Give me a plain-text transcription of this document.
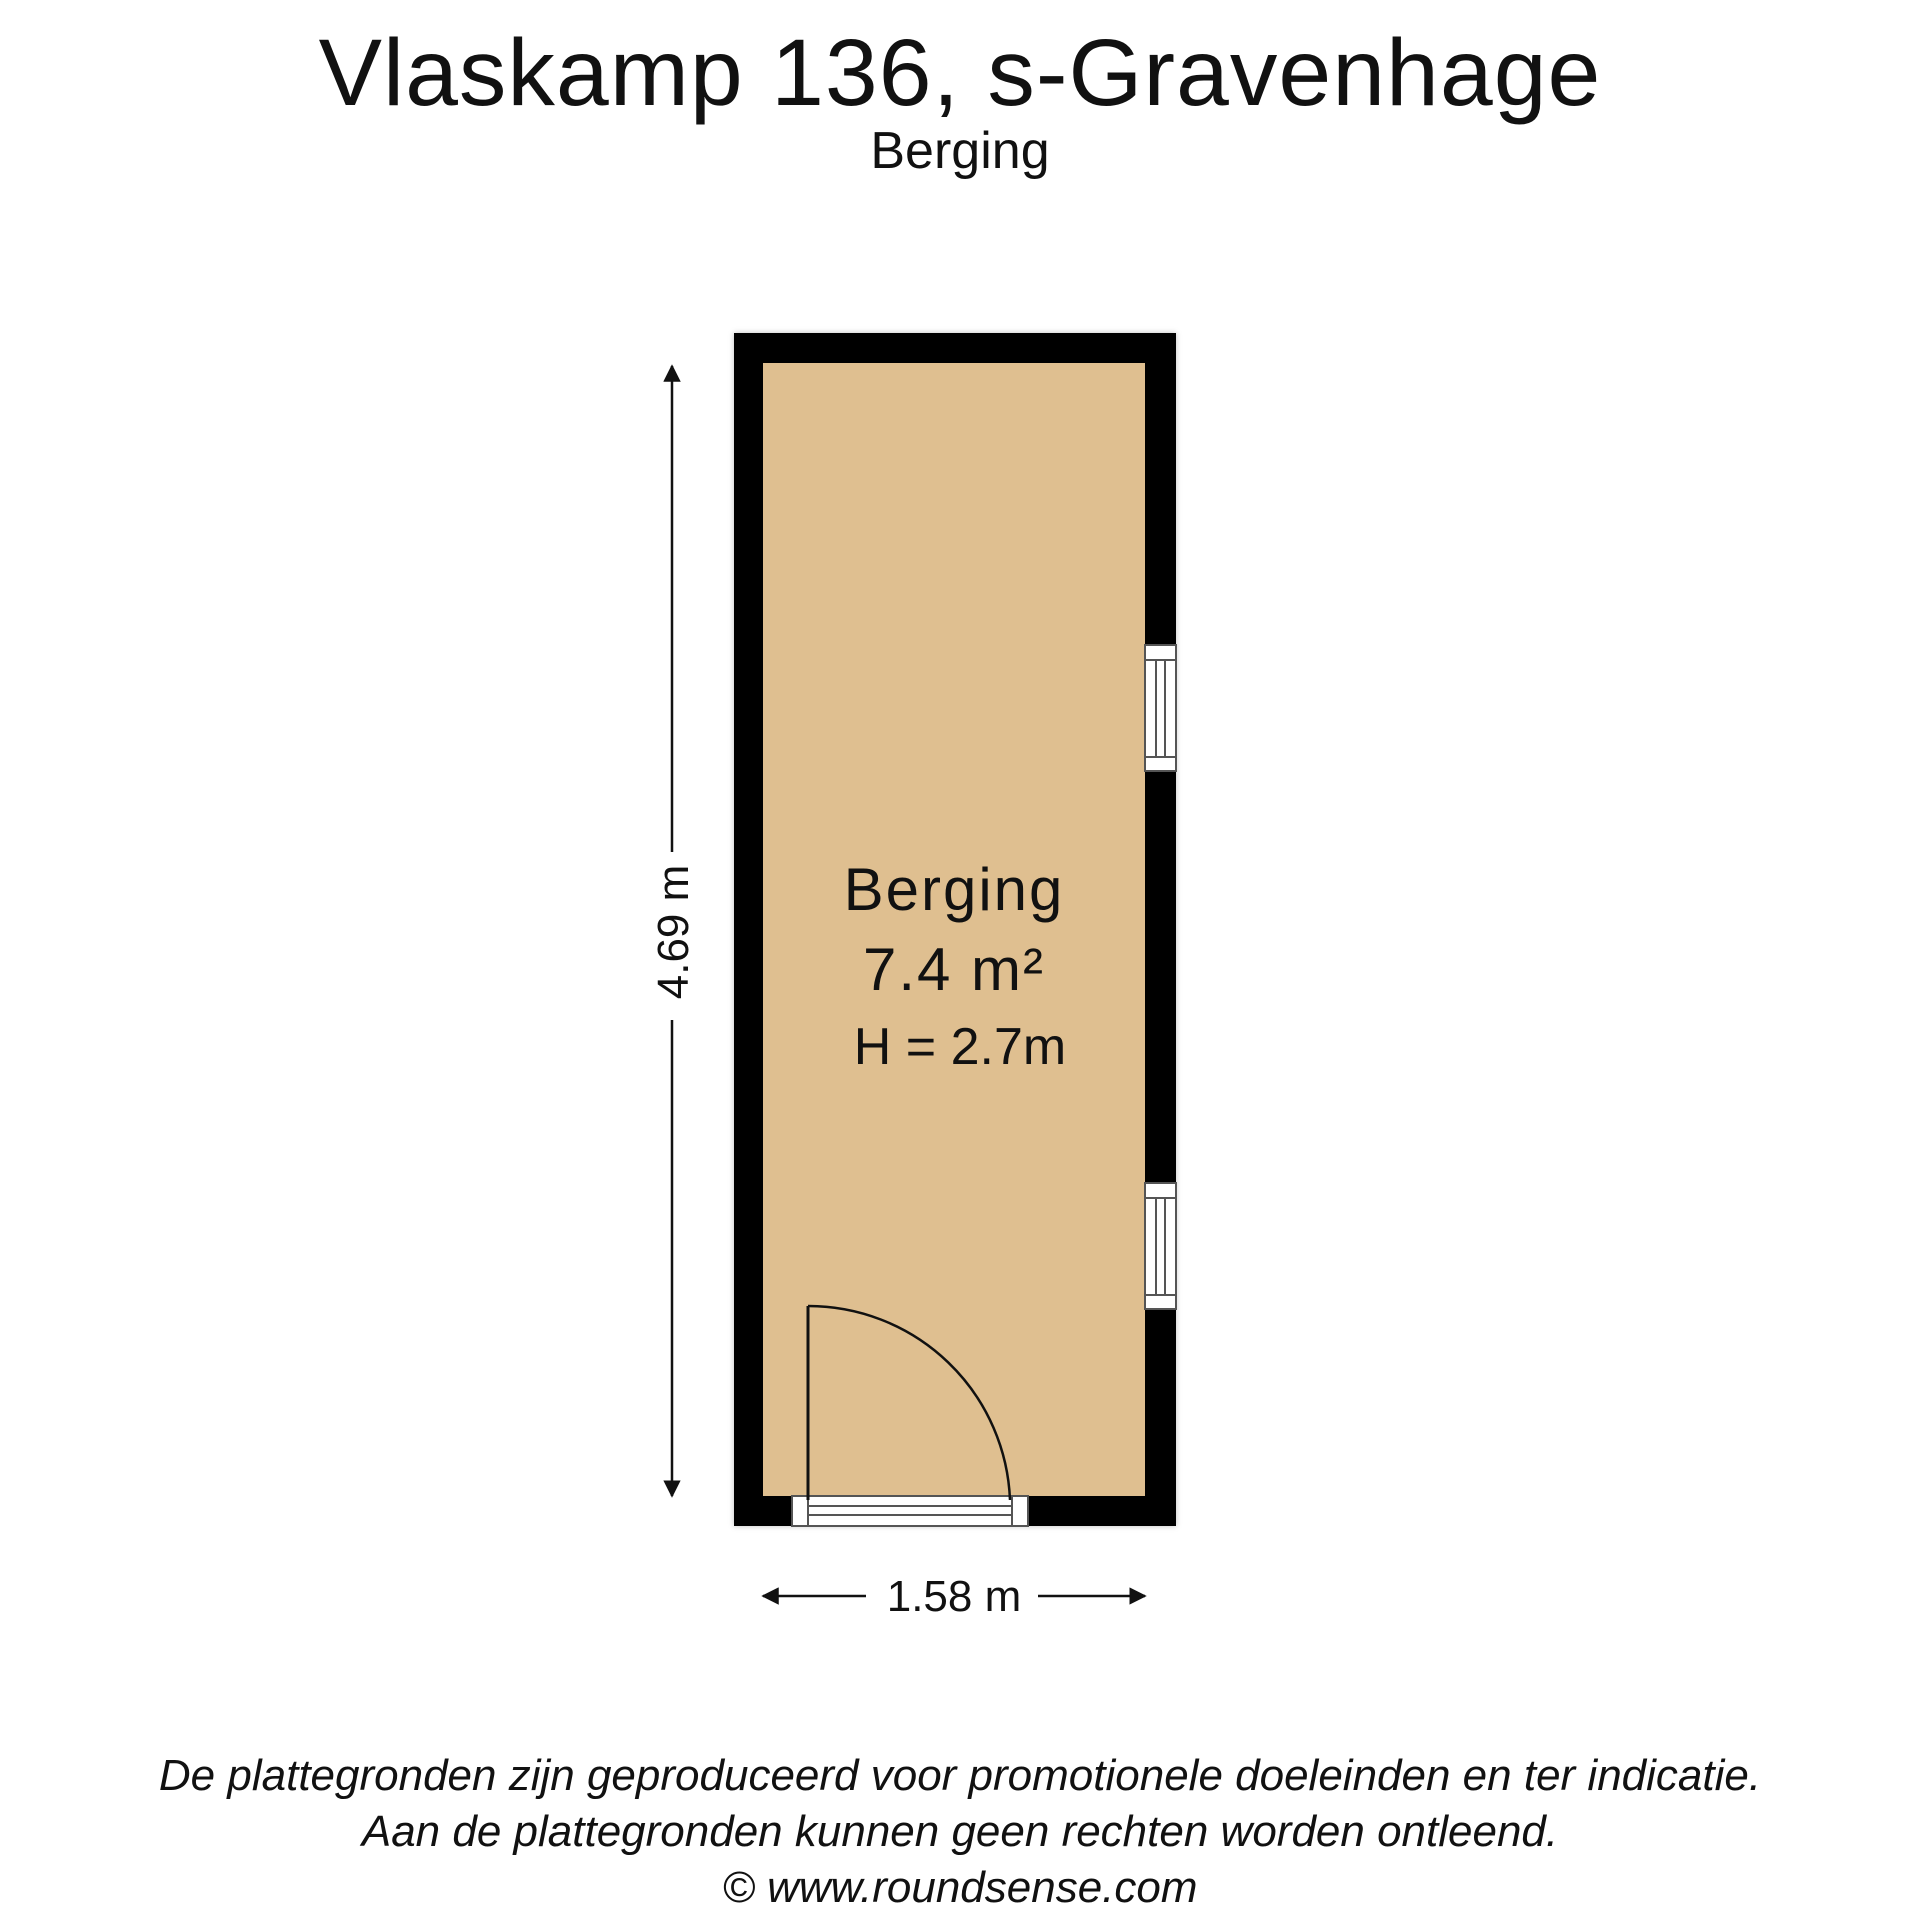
Vlaskamp 136, s-Gravenhage
Berging
Berging
7.4 m²
H = 2.7m
4.69 m
1.58 m
De plattegronden zijn geproduceerd voor promotionele doeleinden en ter indicatie.
Aan de plattegronden kunnen geen rechten worden ontleend.
© www.roundsense.com
